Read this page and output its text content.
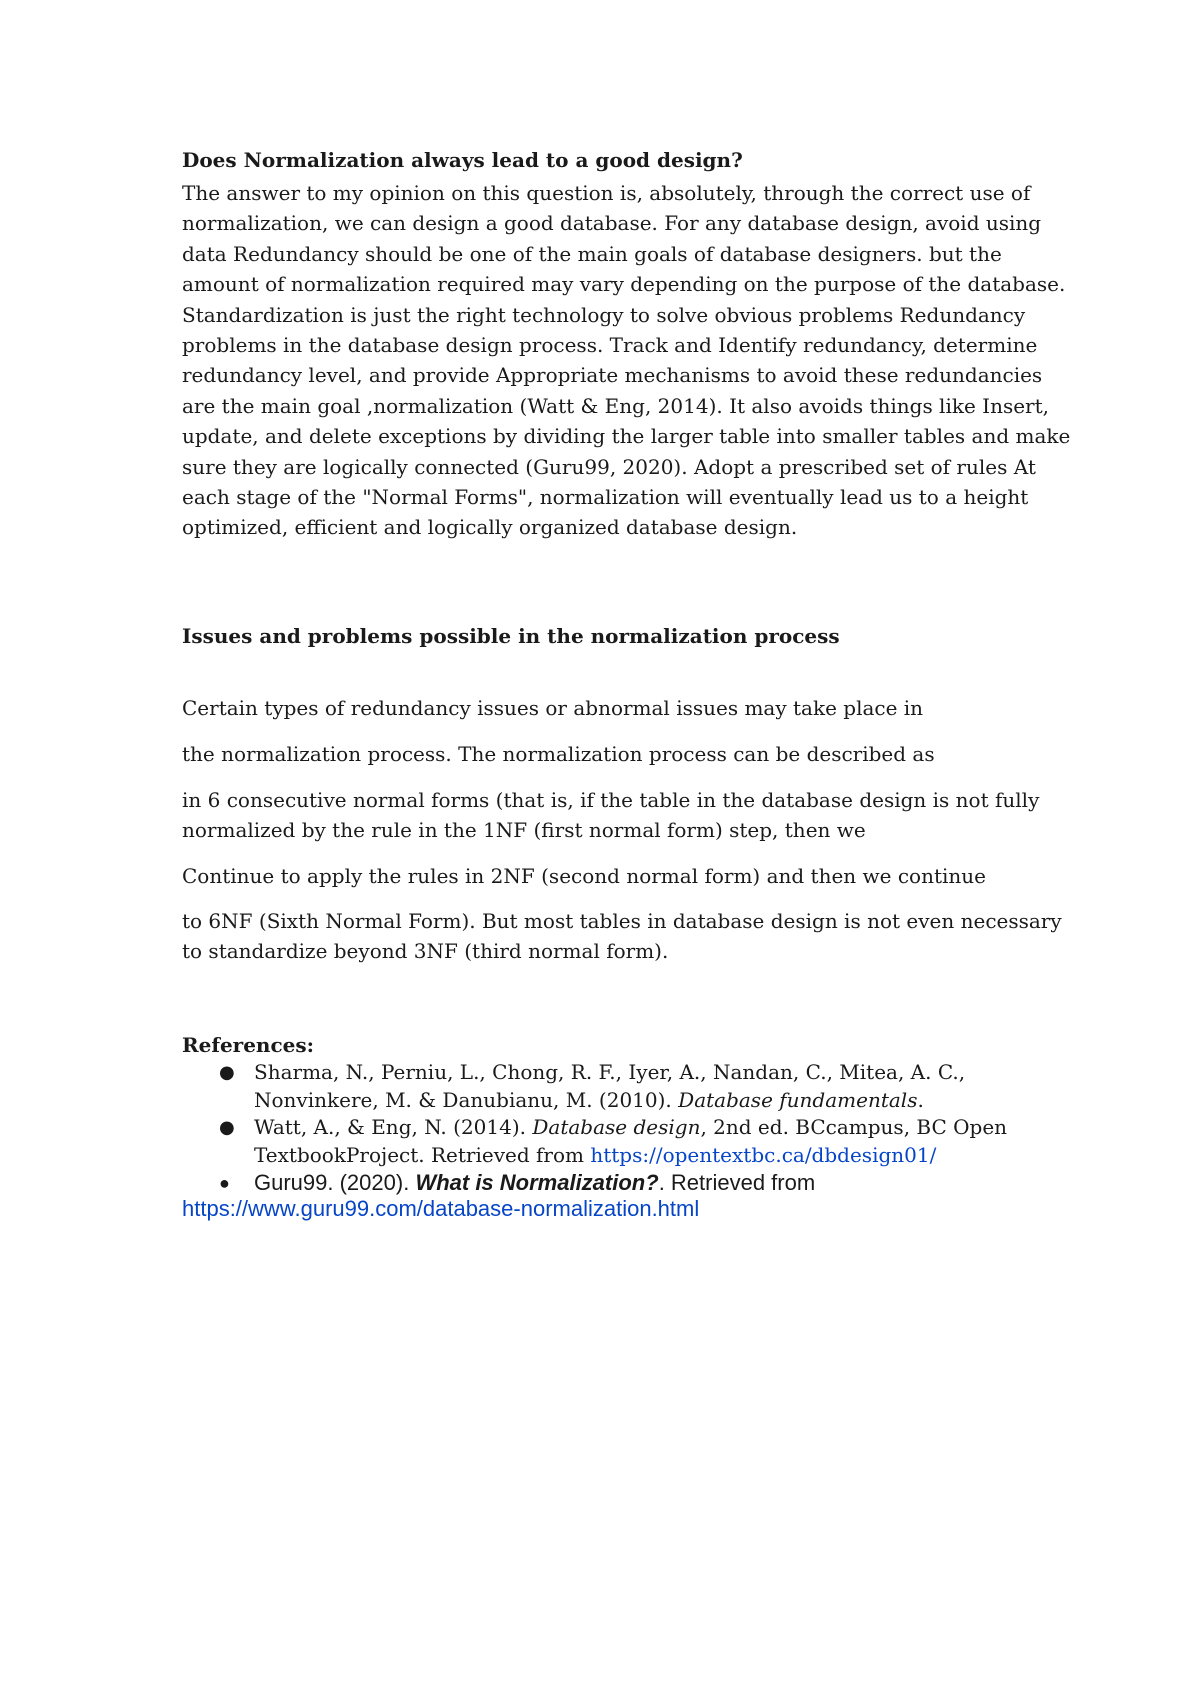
Does Normalization always lead to a good design?
The answer to my opinion on this question is, absolutely, through the correct use of
normalization, we can design a good database. For any database design, avoid using
data Redundancy should be one of the main goals of database designers. but the
amount of normalization required may vary depending on the purpose of the database.
Standardization is just the right technology to solve obvious problems Redundancy
problems in the database design process. Track and Identify redundancy, determine
redundancy level, and provide Appropriate mechanisms to avoid these redundancies
are the main goal ,normalization (Watt & Eng, 2014). It also avoids things like Insert,
update, and delete exceptions by dividing the larger table into smaller tables and make
sure they are logically connected (Guru99, 2020). Adopt a prescribed set of rules At
each stage of the "Normal Forms", normalization will eventually lead us to a height
optimized, efficient and logically organized database design.
Issues and problems possible in the normalization process
Certain types of redundancy issues or abnormal issues may take place in
the normalization process. The normalization process can be described as
in 6 consecutive normal forms (that is, if the table in the database design is not fully
normalized by the rule in the 1NF (first normal form) step, then we
Continue to apply the rules in 2NF (second normal form) and then we continue
to 6NF (Sixth Normal Form). But most tables in database design is not even necessary
to standardize beyond 3NF (third normal form).
References:
● Sharma, N., Perniu, L., Chong, R. F., Iyer, A., Nandan, C., Mitea, A. C.,
Nonvinkere, M. & Danubianu, M. (2010). Database fundamentals.
● Watt, A., & Eng, N. (2014). Database design, 2nd ed. BCcampus, BC Open
TextbookProject. Retrieved from https://opentextbc.ca/dbdesign01/
● Guru99. (2020). What is Normalization?. Retrieved from
https://www.guru99.com/database-normalization.html
